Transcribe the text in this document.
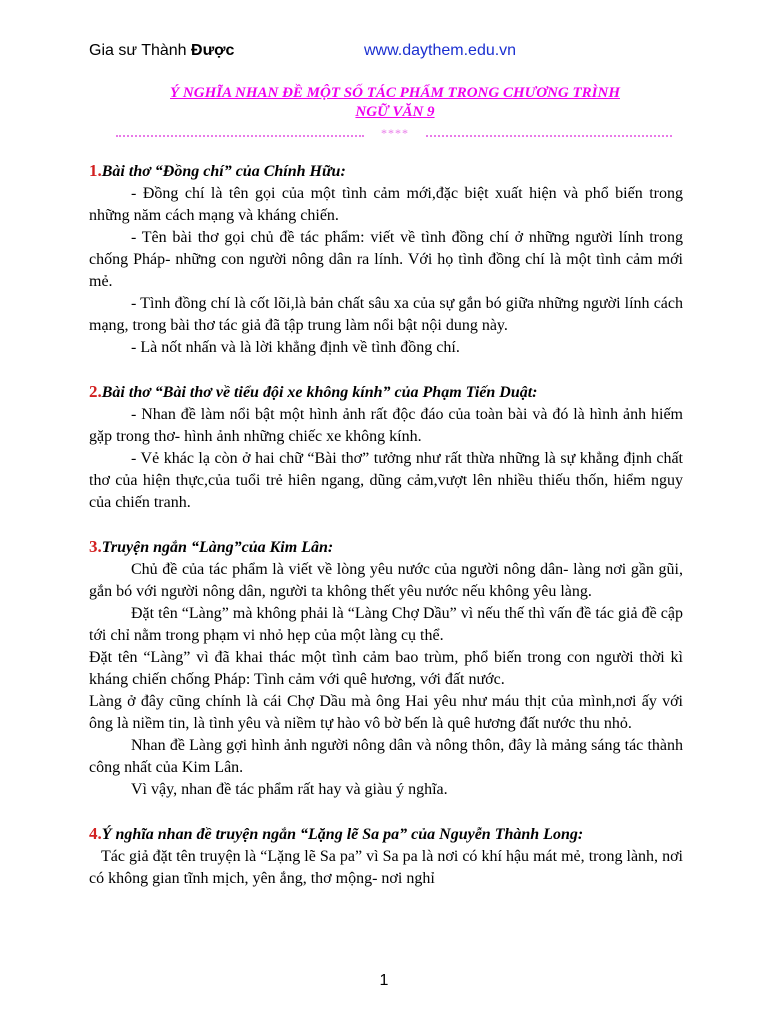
Gia sư Thành Được	www.daythem.edu.vn
Ý NGHĨA NHAN ĐỀ MỘT SỐ TÁC PHẨM TRONG CHƯƠNG TRÌNH
NGỮ VĂN 9
****

1.Bài thơ “Đồng chí” của Chính Hữu:

- Đồng chí là tên gọi của một tình cảm mới,đặc biệt xuất hiện và phổ biến trong những năm cách mạng và kháng chiến.

- Tên bài thơ gọi chủ đề tác phẩm: viết về tình đồng chí ở những người lính trong chống Pháp- những con người nông dân ra lính. Với họ tình đồng chí là một tình cảm mới mẻ.

- Tình đồng chí là cốt lõi,là bản chất sâu xa của sự gắn bó giữa những người lính cách mạng, trong bài thơ tác giả đã tập trung làm nổi bật nội dung này.

- Là nốt nhấn và là lời khẳng định về tình đồng chí.

2.Bài thơ “Bài thơ về tiểu đội xe không kính” của Phạm Tiến Duật:

- Nhan đề làm nổi bật một hình ảnh rất độc đáo của toàn bài và đó là hình ảnh hiếm gặp trong thơ- hình ảnh những chiếc xe không kính.

- Vẻ khác lạ còn ở hai chữ “Bài thơ” tưởng như rất thừa những là sự khẳng định chất thơ của hiện thực,của tuổi trẻ hiên ngang, dũng cảm,vượt lên nhiều thiếu thốn, hiểm nguy của chiến tranh.

3.Truyện ngắn “Làng”của Kim Lân:

Chủ đề của tác phẩm là viết về lòng yêu nước của người nông dân- làng nơi gần gũi, gắn bó với người nông dân, người ta không thết yêu nước nếu không yêu làng.

Đặt tên “Làng” mà không phải là “Làng Chợ Dầu” vì nếu thế thì vấn đề tác giả đề cập tới chỉ nằm trong phạm vi nhỏ hẹp của một làng cụ thể.

Đặt tên “Làng” vì đã khai thác một tình cảm bao trùm, phổ biến trong con người thời kì kháng chiến chống Pháp: Tình cảm với quê hương, với đất nước.

Làng ở đây cũng chính là cái Chợ Dầu mà ông Hai yêu như máu thịt của mình,nơi ấy với ông là niềm tin, là tình yêu và niềm tự hào vô bờ bến là quê hương đất nước thu nhỏ.

Nhan đề Làng gợi hình ảnh người nông dân và nông thôn, đây là mảng sáng tác thành công nhất của Kim Lân.

Vì vậy, nhan đề tác phẩm rất hay và giàu ý nghĩa.

4.Ý nghĩa nhan đề truyện ngắn “Lặng lẽ Sa pa” của Nguyễn Thành Long:

Tác giả đặt tên truyện là “Lặng lẽ Sa pa” vì Sa pa là nơi có khí hậu mát mẻ, trong lành, nơi có không gian tĩnh mịch, yên ắng, thơ mộng- nơi nghỉ

1
